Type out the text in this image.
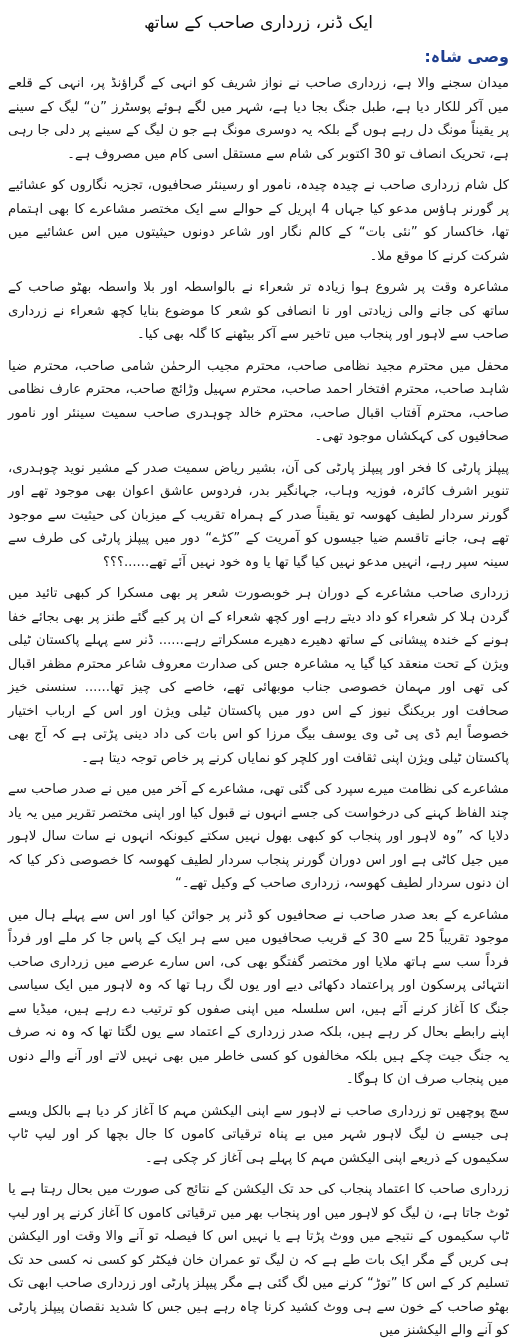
ایک ڈنر، زرداری صاحب کے ساتھ
وصی شاہ:

میدان سجنے والا ہے، زرداری صاحب نے نواز شریف کو انہی کے گراؤنڈ پر، انہی کے قلعے میں آکر للکار دیا ہے، طبل جنگ بجا دیا ہے، شہر میں لگے ہوئے پوسٹرز ”ن“ لیگ کے سینے پر یقیناً مونگ دل رہے ہوں گے بلکہ یہ دوسری مونگ ہے جو ن لیگ کے سینے پر دلی جا رہی ہے، تحریک انصاف تو 30 اکتوبر کی شام سے مستقل اسی کام میں مصروف ہے۔

کل شام زرداری صاحب نے چیدہ چیدہ، نامور او رسینئر صحافیوں، تجزیہ نگاروں کو عشائیے پر گورنر ہاؤس مدعو کیا جہاں 4 اپریل کے حوالے سے ایک مختصر مشاعرے کا بھی اہتمام تھا، خاکسار کو ”نئی بات“ کے کالم نگار اور شاعر دونوں حیثیتوں میں اس عشائیے میں شرکت کرنے کا موقع ملا۔

مشاعرہ وقت پر شروع ہوا زیادہ تر شعراء نے بالواسطہ اور بلا واسطہ بھٹو صاحب کے ساتھ کی جانے والی زیادتی اور نا انصافی کو شعر کا موضوع بنایا کچھ شعراء نے زرداری صاحب سے لاہور اور پنجاب میں تاخیر سے آکر بیٹھنے کا گلہ بھی کیا۔

محفل میں محترم مجید نظامی صاحب، محترم مجیب الرحمٰن شامی صاحب، محترم ضیا شاہد صاحب، محترم افتخار احمد صاحب، محترم سہیل وڑائچ صاحب، محترم عارف نظامی صاحب، محترم آفتاب اقبال صاحب، محترم خالد چوہدری صاحب سمیت سینئر اور نامور صحافیوں کی کہکشاں موجود تھی۔

پیپلز پارٹی کا فخر اور پیپلز پارٹی کی آن، بشیر ریاض سمیت صدر کے مشیر نوید چوہدری، تنویر اشرف کائرہ، فوزیہ وہاب، جہانگیر بدر، فردوس عاشق اعوان بھی موجود تھے اور گورنر سردار لطیف کھوسہ تو یقیناً صدر کے ہمراہ تقریب کے میزبان کی حیثیت سے موجود تھے ہی، جانے تاقسم ضیا جیسوں کو آمریت کے ”کڑے“ دور میں پیپلز پارٹی کی طرف سے سینہ سپر رہے، انہیں مدعو نہیں کیا گیا تھا یا وہ خود نہیں آئے تھے......؟؟؟

زرداری صاحب مشاعرے کے دوران ہر خوبصورت شعر پر بھی مسکرا کر کبھی تائید میں گردن ہلا کر شعراء کو داد دیتے رہے اور کچھ شعراء کے ان پر کیے گئے طنز پر بھی بجائے خفا ہونے کے خندہ پیشانی کے ساتھ دھیرے دھیرے مسکراتے رہے...... ڈنر سے پہلے پاکستان ٹیلی ویژن کے تحت منعقد کیا گیا یہ مشاعرہ جس کی صدارت معروف شاعر محترم مظفر اقبال کی تھی اور مہمان خصوصی جناب موبھائی تھے، خاصے کی چیز تھا...... سنسنی خیز صحافت اور بریکنگ نیوز کے اس دور میں پاکستان ٹیلی ویژن اور اس کے ارباب اختیار خصوصاً ایم ڈی پی ٹی وی یوسف بیگ مرزا کو اس بات کی داد دینی پڑتی ہے کہ آج بھی پاکستان ٹیلی ویژن اپنی ثقافت اور کلچر کو نمایاں کرنے پر خاص توجہ دیتا ہے۔

مشاعرے کی نظامت میرے سپرد کی گئی تھی، مشاعرے کے آخر میں میں نے صدر صاحب سے چند الفاظ کہنے کی درخواست کی جسے انہوں نے قبول کیا اور اپنی مختصر تقریر میں یہ یاد دلایا کہ ”وہ لاہور اور پنجاب کو کبھی بھول نہیں سکتے کیونکہ انہوں نے سات سال لاہور میں جیل کاٹی ہے اور اس دوران گورنر پنجاب سردار لطیف کھوسہ کا خصوصی ذکر کیا کہ ان دنوں سردار لطیف کھوسہ، زرداری صاحب کے وکیل تھے۔“

مشاعرے کے بعد صدر صاحب نے صحافیوں کو ڈنر پر جوائن کیا اور اس سے پہلے ہال میں موجود تقریباً 25 سے 30 کے قریب صحافیوں میں سے ہر ایک کے پاس جا کر ملے اور فرداً فرداً سب سے ہاتھ ملایا اور مختصر گفتگو بھی کی، اس سارے عرصے میں زرداری صاحب انتہائی پرسکون اور پراعتماد دکھائی دیے اور یوں لگ رہا تھا کہ وہ لاہور میں ایک سیاسی جنگ کا آغاز کرنے آئے ہیں، اس سلسلہ میں اپنی صفوں کو ترتیب دے رہے ہیں، میڈیا سے اپنے رابطے بحال کر رہے ہیں، بلکہ صدر زرداری کے اعتماد سے یوں لگتا تھا کہ وہ نہ صرف یہ جنگ جیت چکے ہیں بلکہ مخالفوں کو کسی خاطر میں بھی نہیں لاتے اور آنے والے دنوں میں پنجاب صرف ان کا ہوگا۔

سچ پوچھیں تو زرداری صاحب نے لاہور سے اپنی الیکشن مہم کا آغاز کر دیا ہے بالکل ویسے ہی جیسے ن لیگ لاہور شہر میں بے پناہ ترقیاتی کاموں کا جال بچھا کر اور لیپ ٹاپ سکیموں کے ذریعے اپنی الیکشن مہم کا پہلے ہی آغاز کر چکی ہے۔

زرداری صاحب کا اعتماد پنجاب کی حد تک الیکشن کے نتائج کی صورت میں بحال رہتا ہے یا ٹوٹ جاتا ہے، ن لیگ کو لاہور میں اور پنجاب بھر میں ترقیاتی کاموں کا آغاز کرنے پر اور لیپ ٹاپ سکیموں کے نتیجے میں ووٹ پڑتا ہے یا نہیں اس کا فیصلہ تو آنے والا وقت اور الیکشن ہی کریں گے مگر ایک بات طے ہے کہ ن لیگ تو عمران خان فیکٹر کو کسی نہ کسی حد تک تسلیم کر کے اس کا ”توڑ“ کرنے میں لگ گئی ہے مگر پیپلز پارٹی اور زرداری صاحب ابھی تک بھٹو صاحب کے خون سے ہی ووٹ کشید کرنا چاہ رہے ہیں جس کا شدید نقصان پیپلز پارٹی کو آنے والے الیکشنز میں
